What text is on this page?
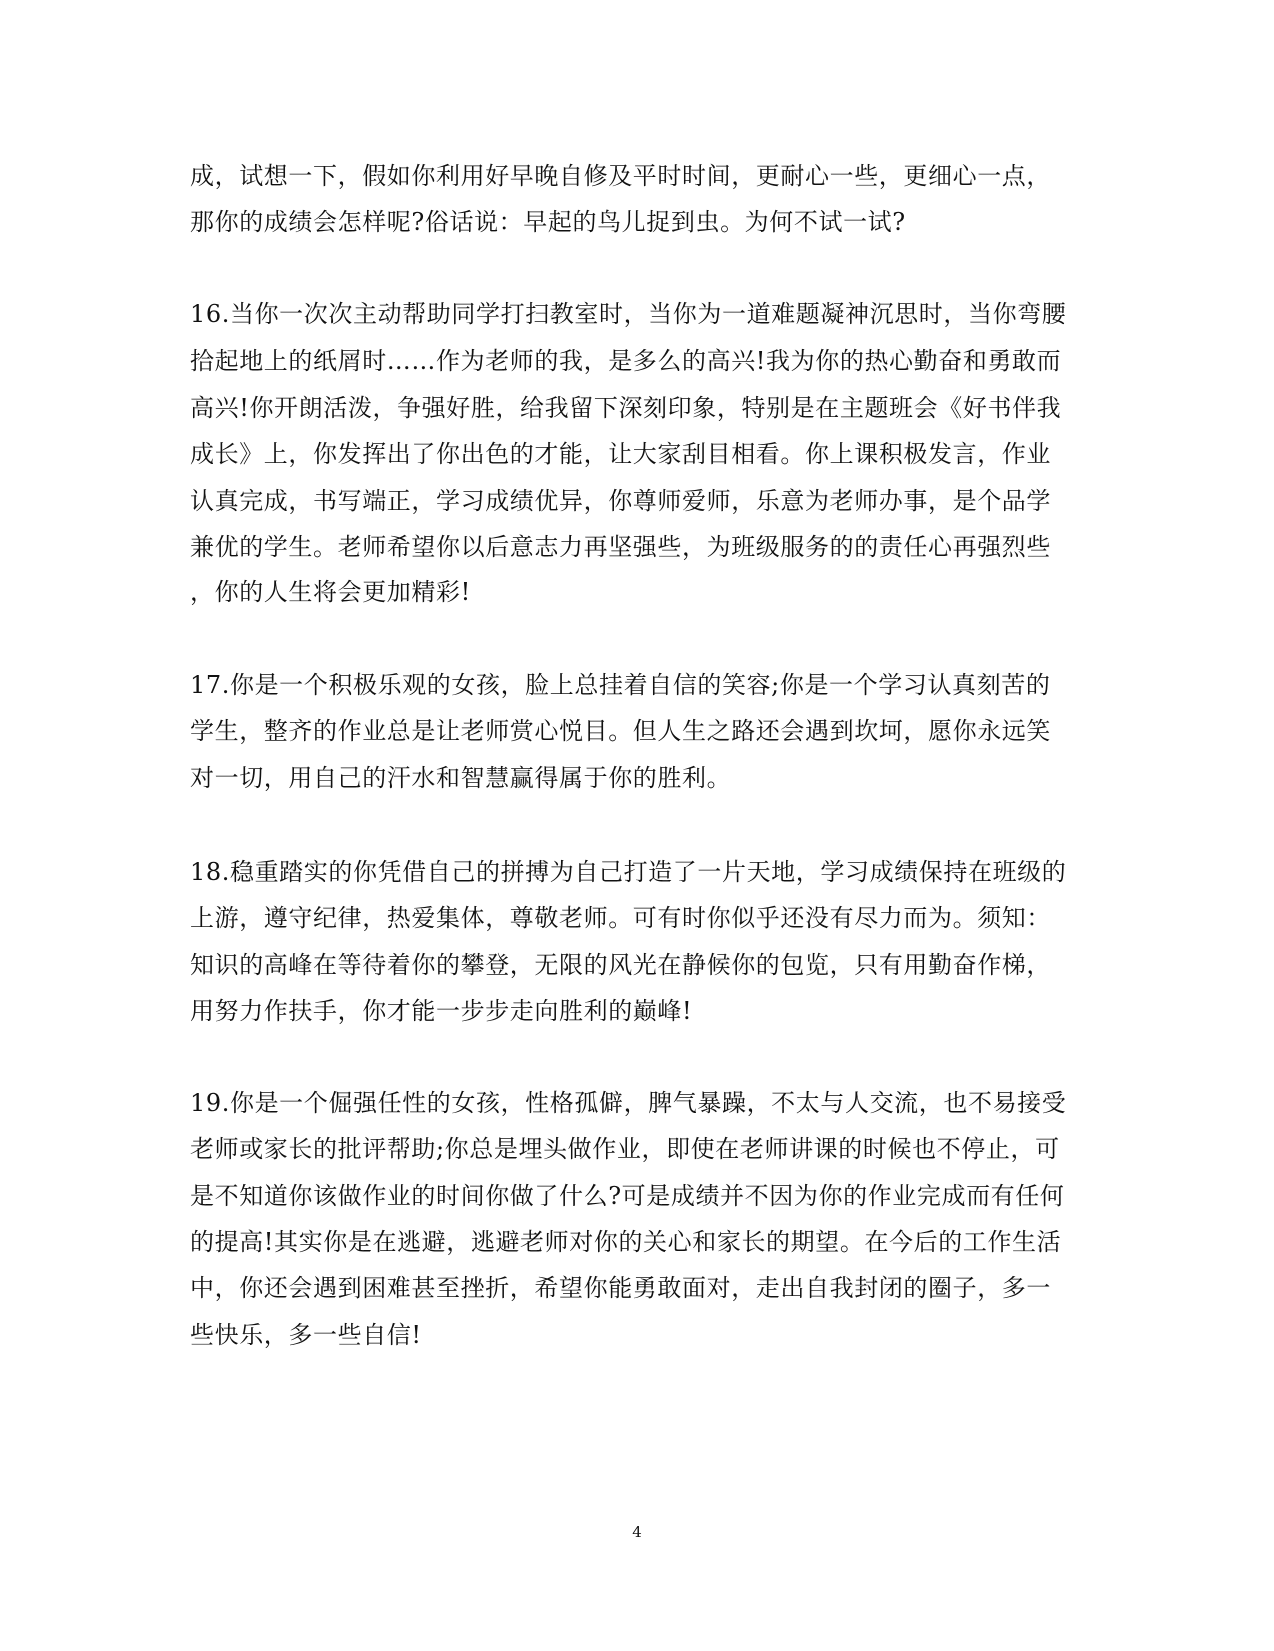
成，试想一下，假如你利用好早晚自修及平时时间，更耐心一些，更细心一点，
那你的成绩会怎样呢?俗话说：早起的鸟儿捉到虫。为何不试一试?
16.当你一次次主动帮助同学打扫教室时，当你为一道难题凝神沉思时，当你弯腰
拾起地上的纸屑时……作为老师的我，是多么的高兴!我为你的热心勤奋和勇敢而
高兴!你开朗活泼，争强好胜，给我留下深刻印象，特别是在主题班会《好书伴我
成长》上，你发挥出了你出色的才能，让大家刮目相看。你上课积极发言，作业
认真完成，书写端正，学习成绩优异，你尊师爱师，乐意为老师办事，是个品学
兼优的学生。老师希望你以后意志力再坚强些，为班级服务的的责任心再强烈些
，你的人生将会更加精彩!
17.你是一个积极乐观的女孩，脸上总挂着自信的笑容;你是一个学习认真刻苦的
学生，整齐的作业总是让老师赏心悦目。但人生之路还会遇到坎坷，愿你永远笑
对一切，用自己的汗水和智慧赢得属于你的胜利。
18.稳重踏实的你凭借自己的拼搏为自己打造了一片天地，学习成绩保持在班级的
上游，遵守纪律，热爱集体，尊敬老师。可有时你似乎还没有尽力而为。须知：
知识的高峰在等待着你的攀登，无限的风光在静候你的包览，只有用勤奋作梯，
用努力作扶手，你才能一步步走向胜利的巅峰!
19.你是一个倔强任性的女孩，性格孤僻，脾气暴躁，不太与人交流，也不易接受
老师或家长的批评帮助;你总是埋头做作业，即使在老师讲课的时候也不停止，可
是不知道你该做作业的时间你做了什么?可是成绩并不因为你的作业完成而有任何
的提高!其实你是在逃避，逃避老师对你的关心和家长的期望。在今后的工作生活
中，你还会遇到困难甚至挫折，希望你能勇敢面对，走出自我封闭的圈子，多一
些快乐，多一些自信!
4
